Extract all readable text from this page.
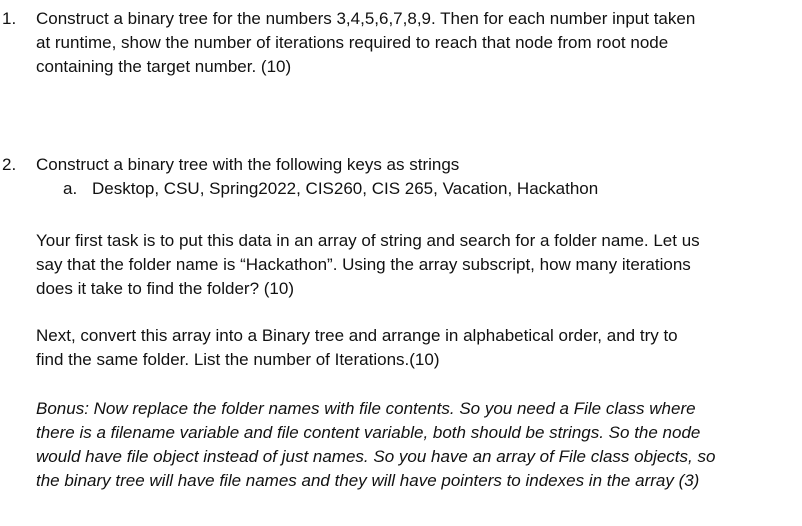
1. Construct a binary tree for the numbers 3,4,5,6,7,8,9. Then for each number input taken
at runtime, show the number of iterations required to reach that node from root node
containing the target number. (10)
2. Construct a binary tree with the following keys as strings
a. Desktop, CSU, Spring2022, CIS260, CIS 265, Vacation, Hackathon
Your first task is to put this data in an array of string and search for a folder name. Let us
say that the folder name is “Hackathon”. Using the array subscript, how many iterations
does it take to find the folder? (10)
Next, convert this array into a Binary tree and arrange in alphabetical order, and try to
find the same folder. List the number of Iterations.(10)
Bonus: Now replace the folder names with file contents. So you need a File class where
there is a filename variable and file content variable, both should be strings. So the node
would have file object instead of just names. So you have an array of File class objects, so
the binary tree will have file names and they will have pointers to indexes in the array (3)
